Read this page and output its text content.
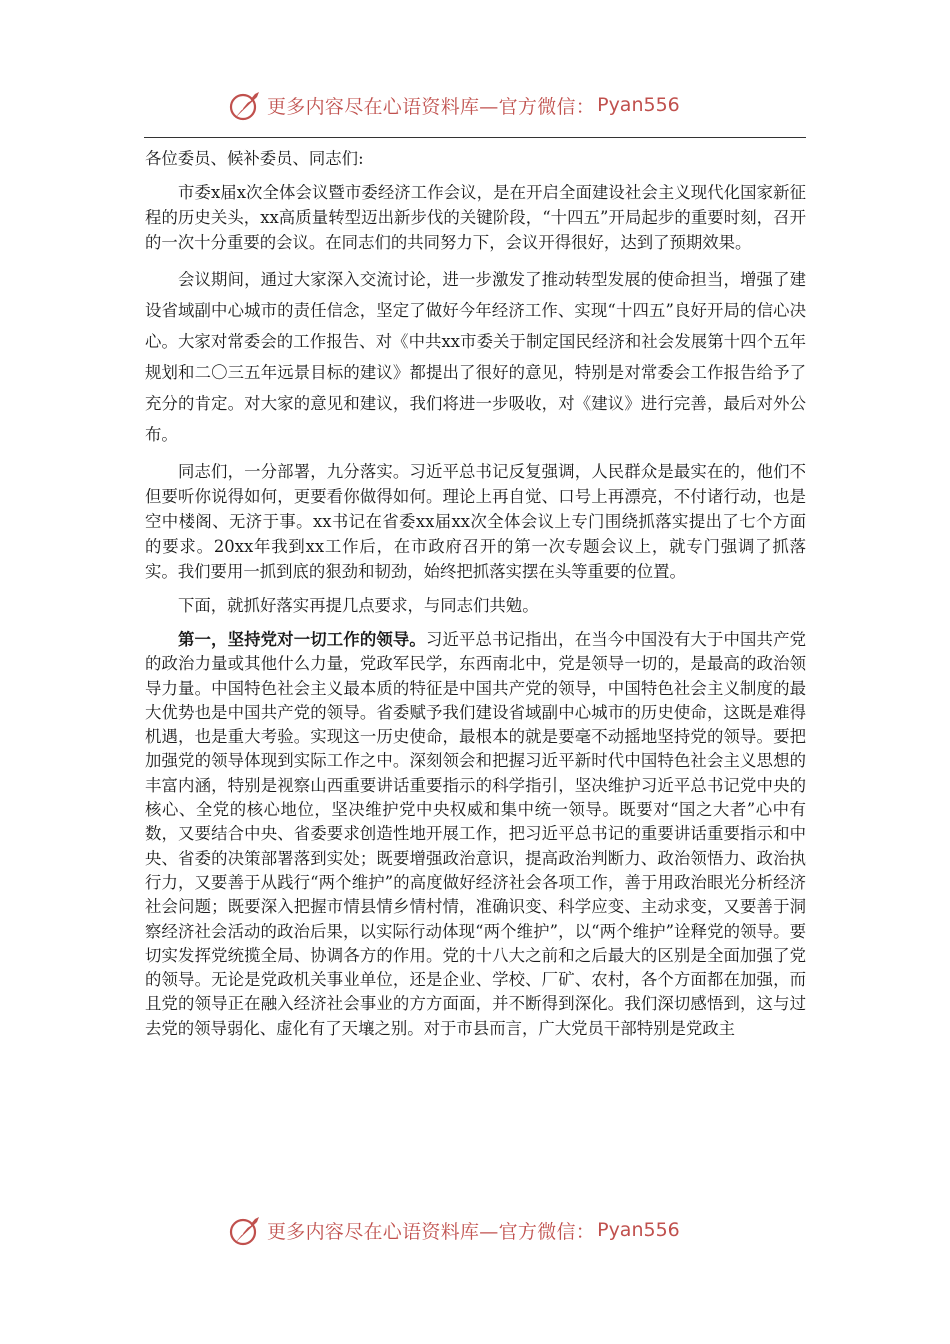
更多内容尽在心语资料库—官方微信： Pyan556

各位委员、候补委员、同志们:

市委x届x次全体会议暨市委经济工作会议，是在开启全面建设社会主义现代化国家新征程的历史关头，xx高质量转型迈出新步伐的关键阶段，“十四五”开局起步的重要时刻，召开的一次十分重要的会议。在同志们的共同努力下，会议开得很好，达到了预期效果。

会议期间，通过大家深入交流讨论，进一步激发了推动转型发展的使命担当，增强了建设省域副中心城市的责任信念，坚定了做好今年经济工作、实现“十四五”良好开局的信心决心。大家对常委会的工作报告、对《中共xx市委关于制定国民经济和社会发展第十四个五年规划和二〇三五年远景目标的建议》都提出了很好的意见，特别是对常委会工作报告给予了充分的肯定。对大家的意见和建议，我们将进一步吸收，对《建议》进行完善，最后对外公布。

同志们，一分部署，九分落实。习近平总书记反复强调，人民群众是最实在的，他们不但要听你说得如何，更要看你做得如何。理论上再自觉、口号上再漂亮，不付诸行动，也是空中楼阁、无济于事。xx书记在省委xx届xx次全体会议上专门围绕抓落实提出了七个方面的要求。20xx年我到xx工作后，在市政府召开的第一次专题会议上，就专门强调了抓落实。我们要用一抓到底的狠劲和韧劲，始终把抓落实摆在头等重要的位置。

下面，就抓好落实再提几点要求，与同志们共勉。

第一，坚持党对一切工作的领导。习近平总书记指出，在当今中国没有大于中国共产党的政治力量或其他什么力量，党政军民学，东西南北中，党是领导一切的，是最高的政治领导力量。中国特色社会主义最本质的特征是中国共产党的领导，中国特色社会主义制度的最大优势也是中国共产党的领导。省委赋予我们建设省域副中心城市的历史使命，这既是难得机遇，也是重大考验。实现这一历史使命，最根本的就是要毫不动摇地坚持党的领导。要把加强党的领导体现到实际工作之中。深刻领会和把握习近平新时代中国特色社会主义思想的丰富内涵，特别是视察山西重要讲话重要指示的科学指引，坚决维护习近平总书记党中央的核心、全党的核心地位，坚决维护党中央权威和集中统一领导。既要对“国之大者”心中有数，又要结合中央、省委要求创造性地开展工作，把习近平总书记的重要讲话重要指示和中央、省委的决策部署落到实处；既要增强政治意识，提高政治判断力、政治领悟力、政治执行力，又要善于从践行“两个维护”的高度做好经济社会各项工作，善于用政治眼光分析经济社会问题；既要深入把握市情县情乡情村情，准确识变、科学应变、主动求变，又要善于洞察经济社会活动的政治后果，以实际行动体现“两个维护”，以“两个维护”诠释党的领导。要切实发挥党统揽全局、协调各方的作用。党的十八大之前和之后最大的区别是全面加强了党的领导。无论是党政机关事业单位，还是企业、学校、厂矿、农村，各个方面都在加强，而且党的领导正在融入经济社会事业的方方面面，并不断得到深化。我们深切感悟到，这与过去党的领导弱化、虚化有了天壤之别。对于市县而言，广大党员干部特别是党政主

更多内容尽在心语资料库—官方微信： Pyan556
